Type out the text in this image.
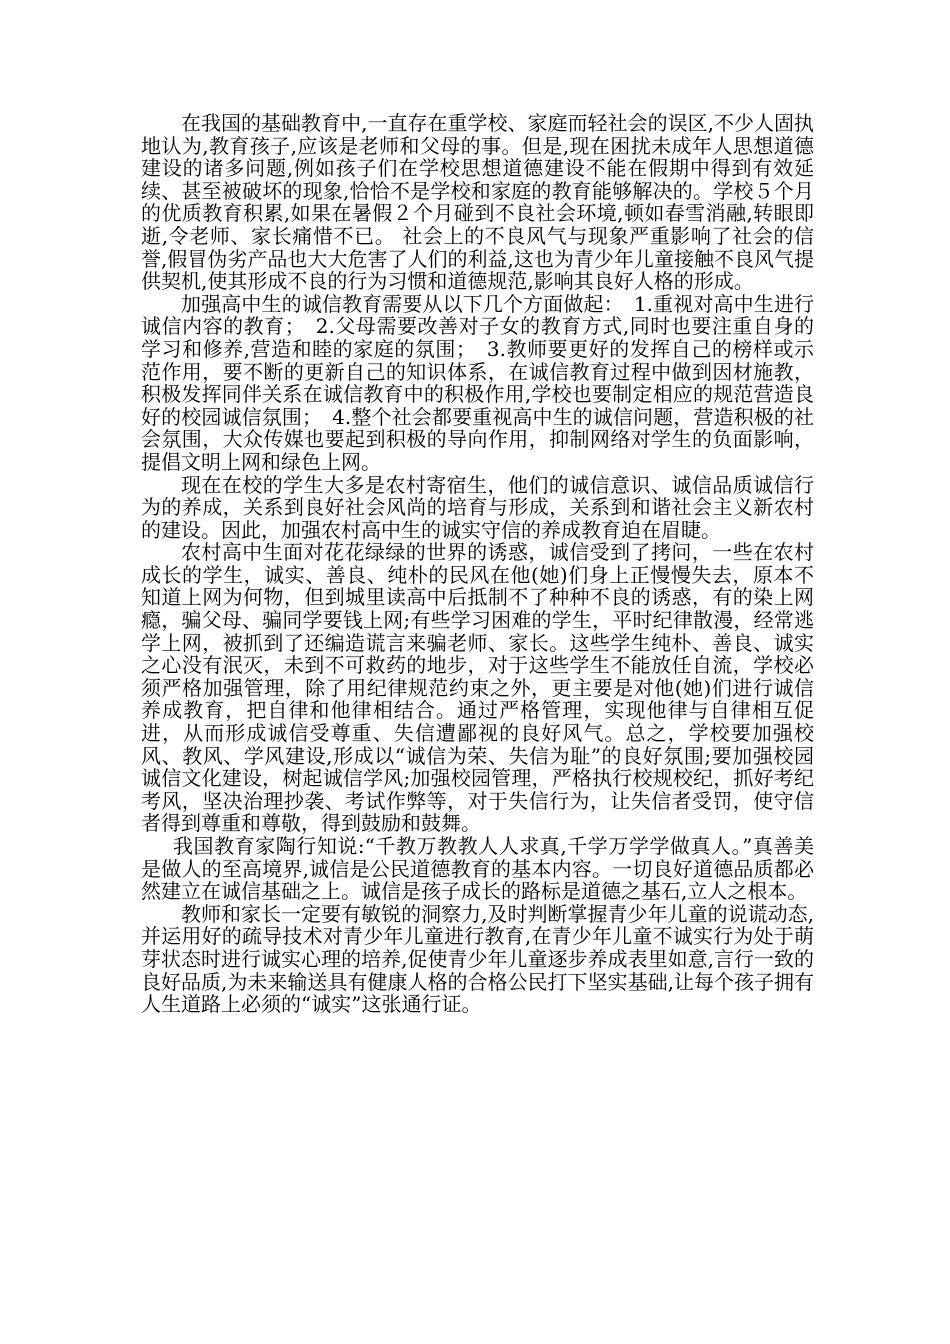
在我国的基础教育中,一直存在重学校、家庭而轻社会的误区,不少人固执地认为,教育孩子,应该是老师和父母的事。但是,现在困扰未成年人思想道德建设的诸多问题,例如孩子们在学校思想道德建设不能在假期中得到有效延续、甚至被破坏的现象,恰恰不是学校和家庭的教育能够解决的。学校５个月的优质教育积累,如果在暑假２个月碰到不良社会环境,顿如春雪消融,转眼即逝,令老师、家长痛惜不已。 社会上的不良风气与现象严重影响了社会的信誉,假冒伪劣产品也大大危害了人们的利益,这也为青少年儿童接触不良风气提供契机,使其形成不良的行为习惯和道德规范,影响其良好人格的形成。

加强高中生的诚信教育需要从以下几个方面做起：　1.重视对高中生进行诚信内容的教育；　2.父母需要改善对子女的教育方式,同时也要注重自身的学习和修养,营造和睦的家庭的氛围；　3.教师要更好的发挥自己的榜样或示范作用，要不断的更新自己的知识体系，在诚信教育过程中做到因材施教，积极发挥同伴关系在诚信教育中的积极作用,学校也要制定相应的规范营造良好的校园诚信氛围；　4.整个社会都要重视高中生的诚信问题，营造积极的社会氛围，大众传媒也要起到积极的导向作用，抑制网络对学生的负面影响，提倡文明上网和绿色上网。

现在在校的学生大多是农村寄宿生，他们的诚信意识、诚信品质诚信行为的养成，关系到良好社会风尚的培育与形成，关系到和谐社会主义新农村的建设。因此，加强农村高中生的诚实守信的养成教育迫在眉睫。

农村高中生面对花花绿绿的世界的诱惑，诚信受到了拷问，一些在农村成长的学生，诚实、善良、纯朴的民风在他(她)们身上正慢慢失去，原本不知道上网为何物，但到城里读高中后抵制不了种种不良的诱惑，有的染上网瘾，骗父母、骗同学要钱上网;有些学习困难的学生，平时纪律散漫，经常逃学上网，被抓到了还编造谎言来骗老师、家长。这些学生纯朴、善良、诚实之心没有泯灭，未到不可救药的地步，对于这些学生不能放任自流，学校必须严格加强管理，除了用纪律规范约束之外，更主要是对他(她)们进行诚信养成教育，把自律和他律相结合。通过严格管理，实现他律与自律相互促进，从而形成诚信受尊重、失信遭鄙视的良好风气。总之，学校要加强校风、教风、学风建设,形成以“诚信为荣、失信为耻”的良好氛围;要加强校园诚信文化建设，树起诚信学风;加强校园管理，严格执行校规校纪，抓好考纪考风，坚决治理抄袭、考试作弊等，对于失信行为，让失信者受罚，使守信者得到尊重和尊敬，得到鼓励和鼓舞。

我国教育家陶行知说:“千教万教教人人求真,千学万学学做真人。”真善美是做人的至高境界,诚信是公民道德教育的基本内容。一切良好道德品质都必然建立在诚信基础之上。诚信是孩子成长的路标是道德之基石,立人之根本。

教师和家长一定要有敏锐的洞察力,及时判断掌握青少年儿童的说谎动态,并运用好的疏导技术对青少年儿童进行教育,在青少年儿童不诚实行为处于萌芽状态时进行诚实心理的培养,促使青少年儿童逐步养成表里如意,言行一致的良好品质,为未来输送具有健康人格的合格公民打下坚实基础,让每个孩子拥有人生道路上必须的“诚实”这张通行证。
